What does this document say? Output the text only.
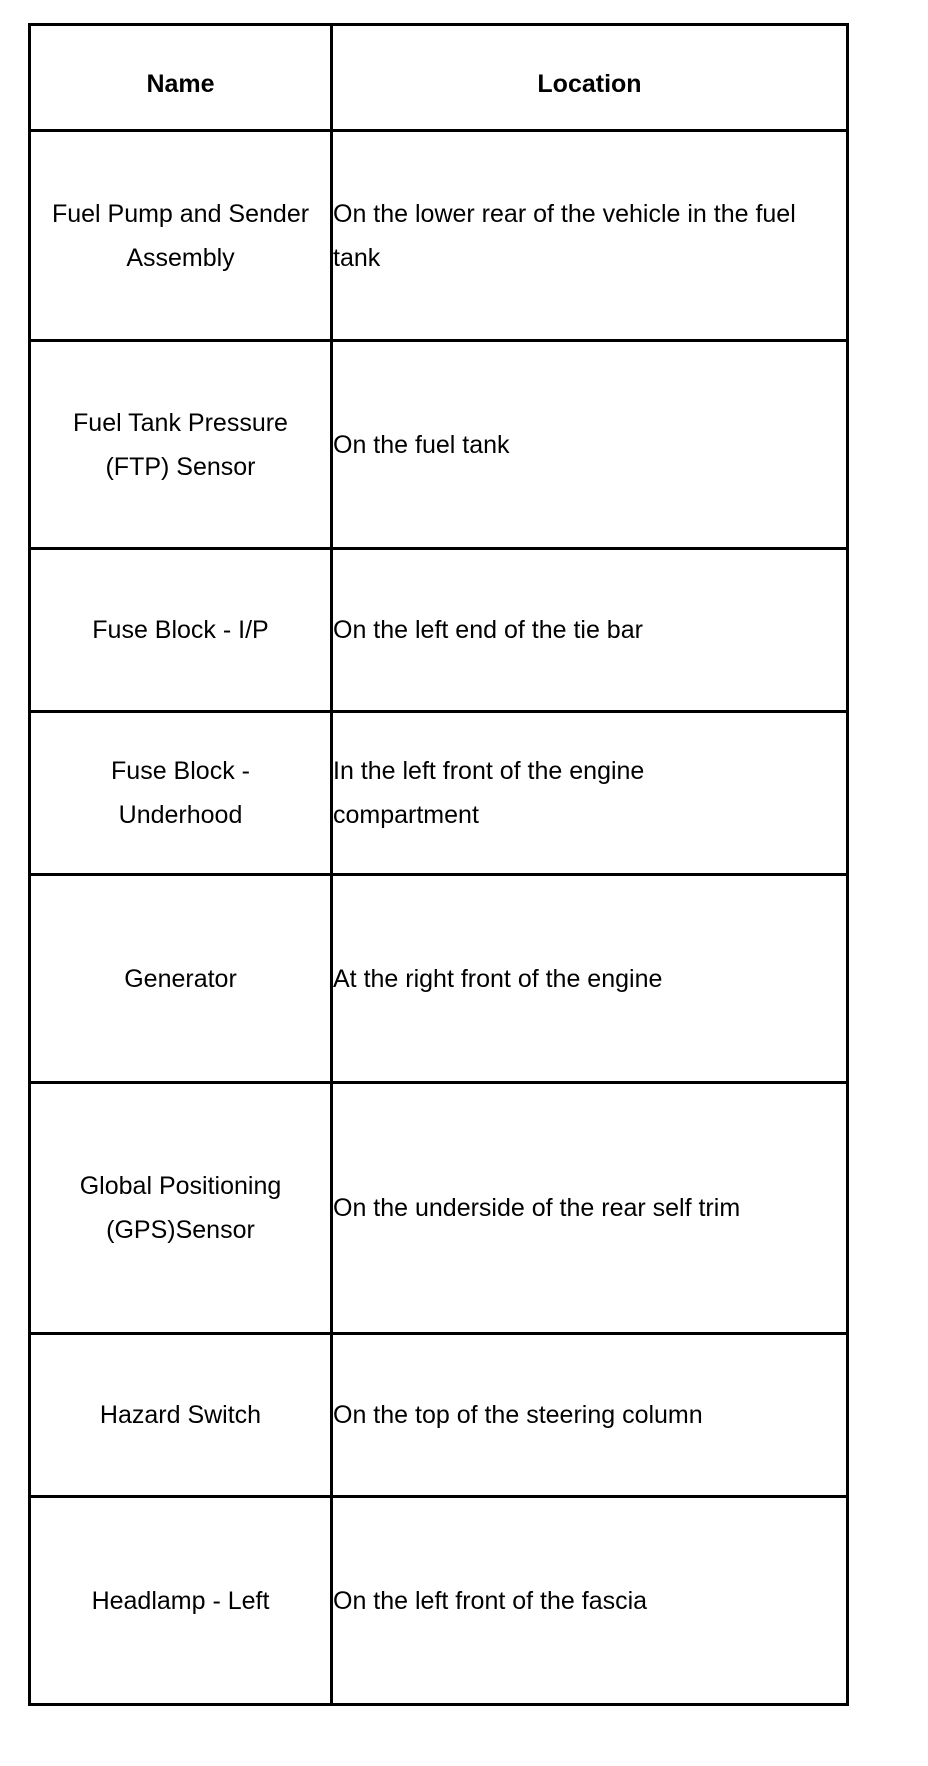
Name	Location

Fuel Pump and Sender Assembly	On the lower rear of the vehicle in the fuel tank

Fuel Tank Pressure (FTP) Sensor	On the fuel tank

Fuse Block - I/P	On the left end of the tie bar

Fuse Block - Underhood	In the left front of the engine compartment

Generator	At the right front of the engine

Global Positioning (GPS)Sensor	On the underside of the rear self trim

Hazard Switch	On the top of the steering column

Headlamp - Left	On the left front of the fascia
